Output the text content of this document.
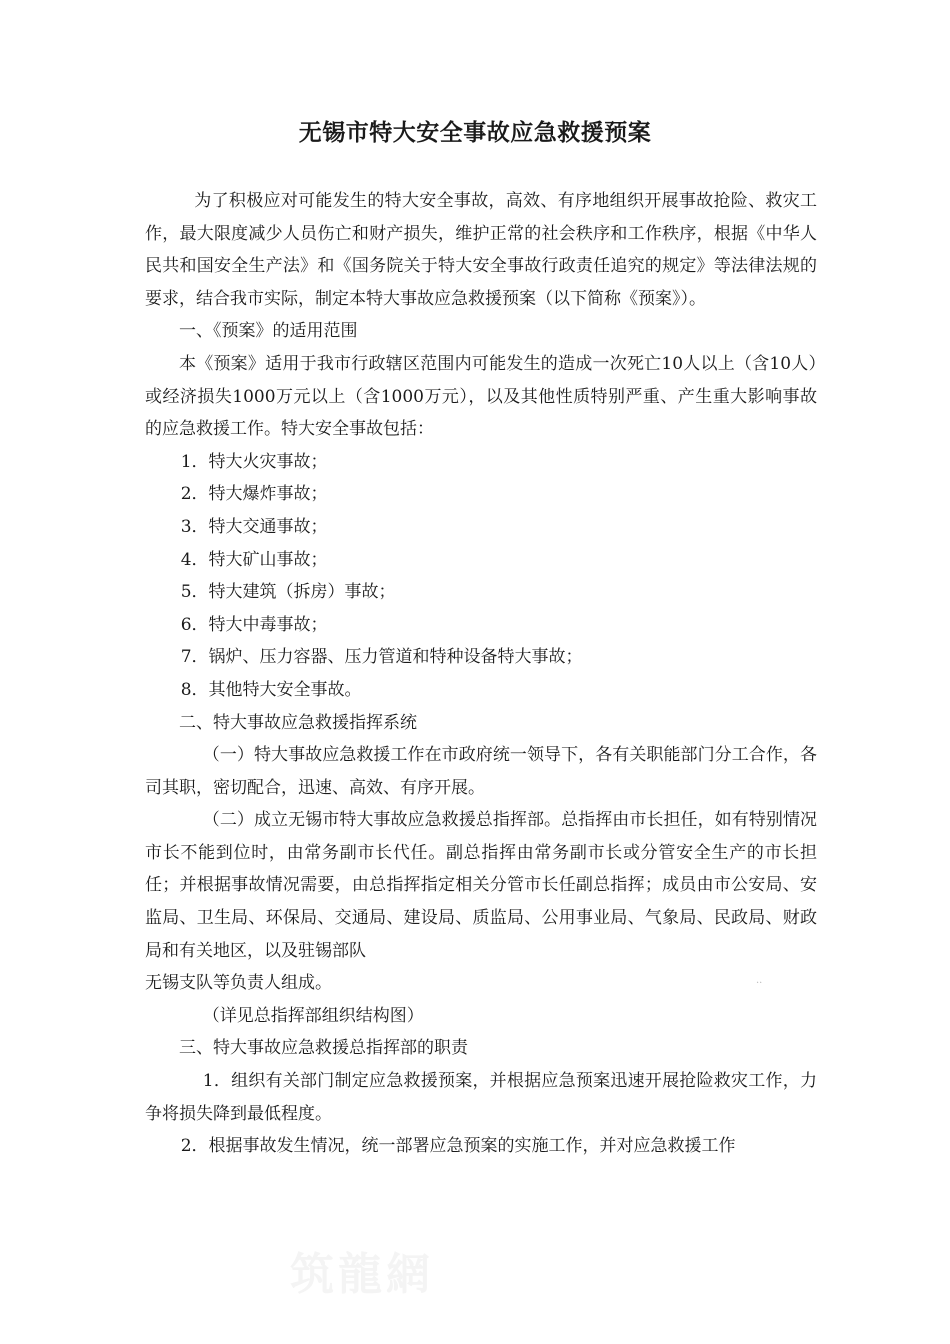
无锡市特大安全事故应急救援预案

为了积极应对可能发生的特大安全事故，高效、有序地组织开展事故抢险、救灾工作，最大限度减少人员伤亡和财产损失，维护正常的社会秩序和工作秩序，根据《中华人民共和国安全生产法》和《国务院关于特大安全事故行政责任追究的规定》等法律法规的要求，结合我市实际，制定本特大事故应急救援预案（以下简称《预案》）。

一、《预案》的适用范围

本《预案》适用于我市行政辖区范围内可能发生的造成一次死亡10人以上（含10人）或经济损失1000万元以上（含1000万元），以及其他性质特别严重、产生重大影响事故的应急救援工作。特大安全事故包括：

1．特大火灾事故；

2．特大爆炸事故；

3．特大交通事故；

4．特大矿山事故；

5．特大建筑（拆房）事故；

6．特大中毒事故；

7．锅炉、压力容器、压力管道和特种设备特大事故；

8．其他特大安全事故。

二、特大事故应急救援指挥系统

（一）特大事故应急救援工作在市政府统一领导下，各有关职能部门分工合作，各司其职，密切配合，迅速、高效、有序开展。

（二）成立无锡市特大事故应急救援总指挥部。总指挥由市长担任，如有特别情况市长不能到位时，由常务副市长代任。副总指挥由常务副市长或分管安全生产的市长担任；并根据事故情况需要，由总指挥指定相关分管市长任副总指挥；成员由市公安局、安监局、卫生局、环保局、交通局、建设局、质监局、公用事业局、气象局、民政局、财政局和有关地区，以及驻锡部队

无锡支队等负责人组成。

（详见总指挥部组织结构图）

三、特大事故应急救援总指挥部的职责

1．组织有关部门制定应急救援预案，并根据应急预案迅速开展抢险救灾工作，力争将损失降到最低程度。

2．根据事故发生情况，统一部署应急预案的实施工作，并对应急救援工作

··
筑龍網
